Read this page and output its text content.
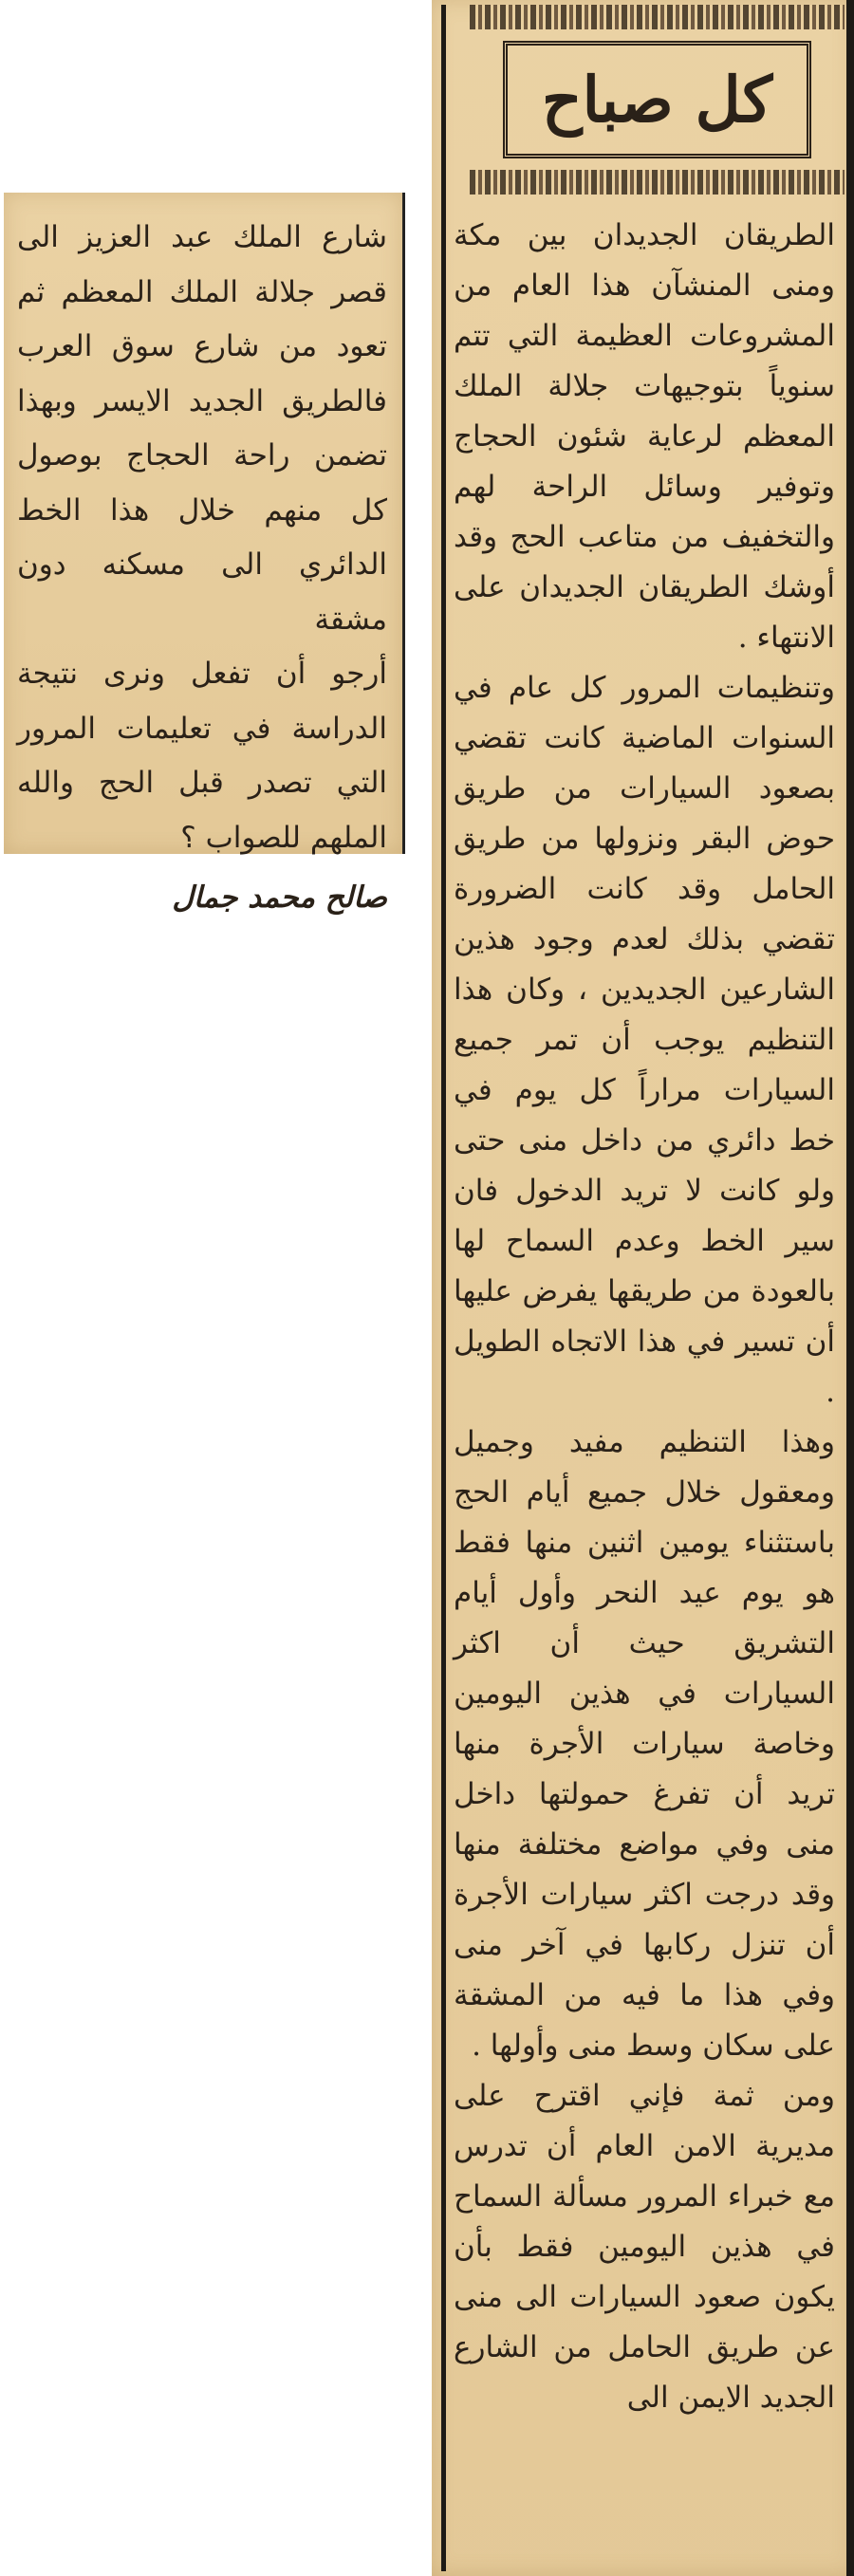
كل صباح

الطريقان الجديدان بين مكة ومنى المنشآن هذا العام من المشروعات العظيمة التي تتم سنوياً بتوجيهات جلالة الملك المعظم لرعاية شئون الحجاج وتوفير وسائل الراحة لهم والتخفيف من متاعب الحج وقد أوشك الطريقان الجديدان على الانتهاء .

وتنظيمات المرور كل عام في السنوات الماضية كانت تقضي بصعود السيارات من طريق حوض البقر ونزولها من طريق الحامل وقد كانت الضرورة تقضي بذلك لعدم وجود هذين الشارعين الجديدين ، وكان هذا التنظيم يوجب أن تمر جميع السيارات مراراً كل يوم في خط دائري من داخل منى حتى ولو كانت لا تريد الدخول فان سير الخط وعدم السماح لها بالعودة من طريقها يفرض عليها أن تسير في هذا الاتجاه الطويل .

وهذا التنظيم مفيد وجميل ومعقول خلال جميع أيام الحج باستثناء يومين اثنين منها فقط هو يوم عيد النحر وأول أيام التشريق حيث أن اكثر السيارات في هذين اليومين وخاصة سيارات الأجرة منها تريد أن تفرغ حمولتها داخل منى وفي مواضع مختلفة منها وقد درجت اكثر سيارات الأجرة أن تنزل ركابها في آخر منى وفي هذا ما فيه من المشقة على سكان وسط منى وأولها .

ومن ثمة فإني اقترح على مديرية الامن العام أن تدرس مع خبراء المرور مسألة السماح في هذين اليومين فقط بأن يكون صعود السيارات الى منى عن طريق الحامل من الشارع الجديد الايمن الى

شارع الملك عبد العزيز الى قصر جلالة الملك المعظم ثم تعود من شارع سوق العرب فالطريق الجديد الايسر وبهذا تضمن راحة الحجاج بوصول كل منهم خلال هذا الخط الدائري الى مسكنه دون مشقة

أرجو أن تفعل ونرى نتيجة الدراسة في تعليمات المرور التي تصدر قبل الحج والله الملهم للصواب ؟

صالح محمد جمال
